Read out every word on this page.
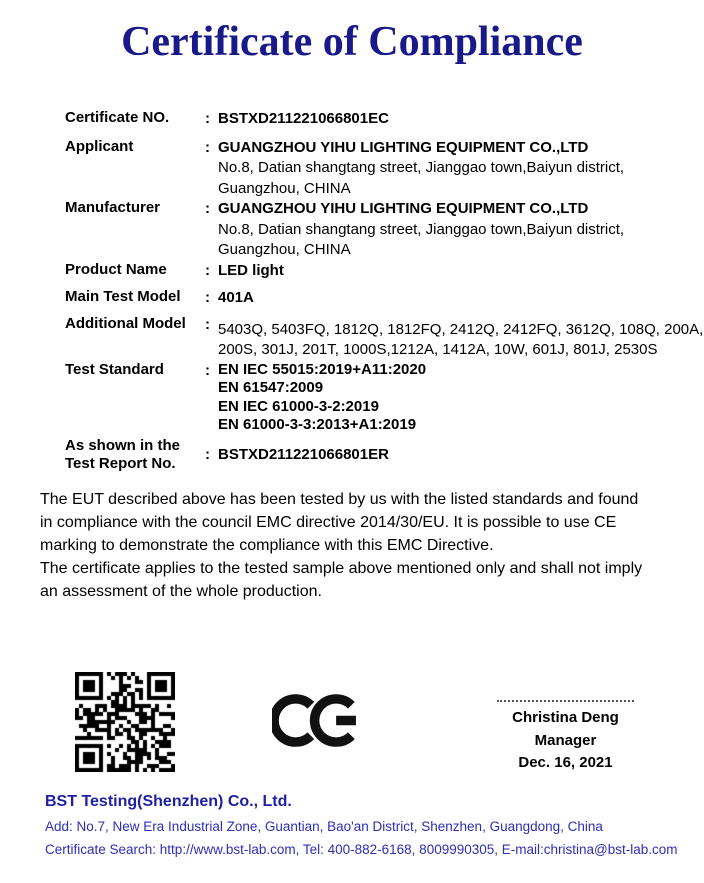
Certificate of Compliance
Certificate NO.	: BSTXD211221066801EC
Applicant	: GUANGZHOU YIHU LIGHTING EQUIPMENT CO.,LTD
No.8, Datian shangtang street, Jianggao town,Baiyun district,
Guangzhou, CHINA
Manufacturer	: GUANGZHOU YIHU LIGHTING EQUIPMENT CO.,LTD
No.8, Datian shangtang street, Jianggao town,Baiyun district,
Guangzhou, CHINA
Product Name	: LED light
Main Test Model	: 401A
Additional Model	: 5403Q, 5403FQ, 1812Q, 1812FQ, 2412Q, 2412FQ, 3612Q, 108Q, 200A,
200S, 301J, 201T, 1000S,1212A, 1412A, 10W, 601J, 801J, 2530S
Test Standard	: EN IEC 55015:2019+A11:2020
EN 61547:2009
EN IEC 61000-3-2:2019
EN 61000-3-3:2013+A1:2019
As shown in the Test Report No.
: BSTXD211221066801ER
The EUT described above has been tested by us with the listed standards and found
in compliance with the council EMC directive 2014/30/EU. It is possible to use CE
marking to demonstrate the compliance with this EMC Directive.
The certificate applies to the tested sample above mentioned only and shall not imply
an assessment of the whole production.
Christina Deng
Manager
Dec. 16, 2021
BST Testing(Shenzhen) Co., Ltd.
Add: No.7, New Era Industrial Zone, Guantian, Bao'an District, Shenzhen, Guangdong, China
Certificate Search: http://www.bst-lab.com, Tel: 400-882-6168, 8009990305, E-mail:christina@bst-lab.com
